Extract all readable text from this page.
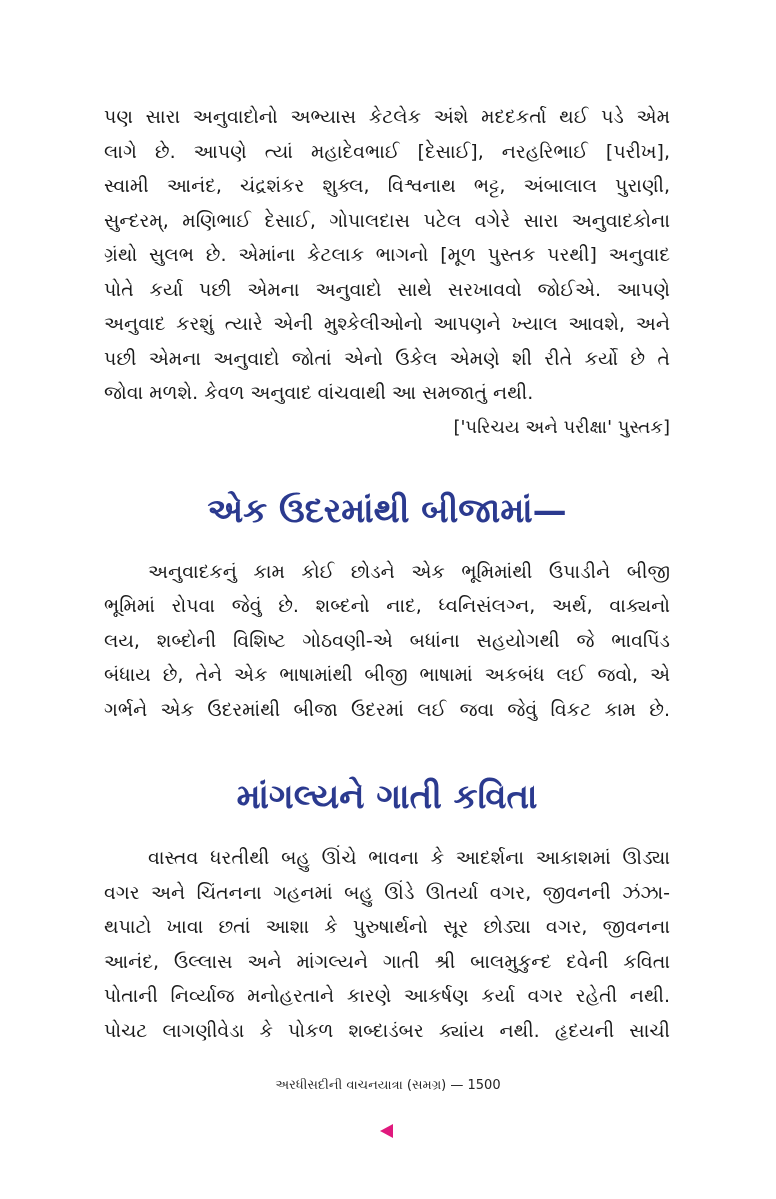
પણ સારા અનુવાદોનો અભ્યાસ કેટલેક અંશે મદદકર્તા થઈ પડે એમ
લાગે છે. આપણે ત્યાં મહાદેવભાઈ [દેસાઈ], નરહરિભાઈ [પરીખ],
સ્વામી આનંદ, ચંદ્રશંકર શુક્લ, વિશ્વનાથ ભટ્ટ, અંબાલાલ પુરાણી,
સુન્દરમ્, મણિભાઈ દેસાઈ, ગોપાલદાસ પટેલ વગેરે સારા અનુવાદકોના
ગ્રંથો સુલભ છે. એમાંના કેટલાક ભાગનો [મૂળ પુસ્તક પરથી] અનુવાદ
પોતે કર્યા પછી એમના અનુવાદો સાથે સરખાવવો જોઈએ. આપણે
અનુવાદ કરશું ત્યારે એની મુશ્કેલીઓનો આપણને ખ્યાલ આવશે, અને
પછી એમના અનુવાદો જોતાં એનો ઉકેલ એમણે શી રીતે કર્યો છે તે
જોવા મળશે. કેવળ અનુવાદ વાંચવાથી આ સમજાતું નથી.
['પરિચય અને પરીક્ષા' પુસ્તક]
એક ઉદરમાંથી બીજામાં—
અનુવાદકનું કામ કોઈ છોડને એક ભૂમિમાંથી ઉપાડીને બીજી
ભૂમિમાં રોપવા જેવું છે. શબ્દનો નાદ, ધ્વનિસંલગ્ન, અર્થ, વાક્યનો
લય, શબ્દોની વિશિષ્ટ ગોઠવણી-એ બધાંના સહયોગથી જે ભાવપિંડ
બંધાય છે, તેને એક ભાષામાંથી બીજી ભાષામાં અકબંધ લઈ જવો, એ
ગર્ભને એક ઉદરમાંથી બીજા ઉદરમાં લઈ જવા જેવું વિકટ કામ છે.
માંગલ્યને ગાતી કવિતા
વાસ્તવ ધરતીથી બહુ ઊંચે ભાવના કે આદર્શના આકાશમાં ઊડ્યા
વગર અને ચિંતનના ગહનમાં બહુ ઊંડે ઊતર્યા વગર, જીવનની ઝંઝા-
થપાટો ખાવા છતાં આશા કે પુરુષાર્થનો સૂર છોડ્યા વગર, જીવનના
આનંદ, ઉલ્લાસ અને માંગલ્યને ગાતી શ્રી બાલમુકુન્દ દવેની કવિતા
પોતાની નિર્વ્યાજ મનોહરતાને કારણે આકર્ષણ કર્યા વગર રહેતી નથી.
પોચટ લાગણીવેડા કે પોકળ શબ્દાડંબર ક્યાંય નથી. હૃદયની સાચી
અરધીસદીની વાચનયાત્રા (સમગ્ર) — 1500
